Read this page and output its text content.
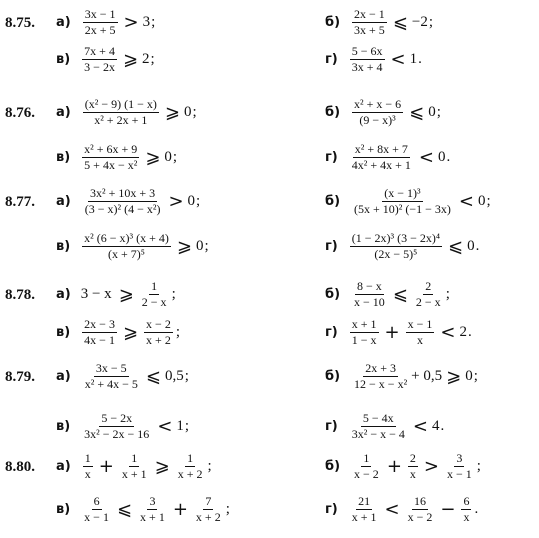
8.75. $а) \frac{3x - 1}{2x + 5} > 3$ ;	$б) \frac{2x - 1}{3x + 5}$ ⩽ −2 ;
$в) \frac{7x + 4}{3 - 2x}$ ⩾ 2 ;	$г) \frac{5 - 6x}{3x + 4} < 1$ .
8.76. $а) \frac{\text{(x² − 9) (1 − x)}}{\text{x² + 2x + 1}}$ ⩾ 0 ;	$б) \frac{\text{x² + x − 6}}{\text{(9 − x)³}}$ ⩽ 0 ;
$в) \frac{\text{x² + 6x + 9}}{\text{5 + 4x − x²}}$ ⩾ 0 ;	$г) \frac{\text{x² + 8x + 7}}{\text{4x² + 4x + 1}} < 0$ .
8.77. $а) \frac{\text{3x² + 10x + 3}}{\text{(3 − x)² (4 − x²)}} > 0$ ;	$б) \frac{\text{(x − 1)³}}{\text{(5x + 10)² (−1 − 3x)}} < 0$ ;
$в) \frac{\text{x² (6 − x)³ (x + 4)}}{\text{(x + 7)⁵}}$ ⩾ 0 ;	$г) \frac{\text{(1 − 2x)³ (3 − 2x)⁴}}{\text{(2x − 5)⁵}}$ ⩽ 0 .
8.78. а) 3 − x ⩾ $\frac{1}{2 - x}$ ;	$б) \frac{8 - x}{x - 10}$ ⩽ $\frac{2}{2 - x}$ ;
$в) \frac{2x - 3}{4x - 1}$ ⩾ $\frac{x - 2}{x + 2}$ ;	$г) \frac{x + 1}{1 - x} + \frac{x - 1}{x} < 2$ .
8.79. $а) \frac{3x - 5}{\text{x² + 4x − 5}}$ ⩽ 0,5 ;	$б) \frac{2x + 3}{\text{12 − x − x²}} + 0,5$ ⩾ 0 ;
$в) \frac{5 - 2x}{\text{3x² − 2x − 16}} < 1$ ;	$г) \frac{5 - 4x}{\text{3x² − x − 4}} < 4$ .
8.80. $а) \frac{1}{x} + \frac{1}{x + 1}$ ⩾ $\frac{1}{x + 2}$ ;	$б) \frac{1}{x - 2} + \frac{2}{x} > \frac{3}{x - 1}$ ;
$в) \frac{6}{x - 1}$ ⩽ $\frac{3}{x + 1} + \frac{7}{x + 2}$ ;	$г) \frac{21}{x + 1} < \frac{16}{x - 2} - \frac{6}{x}$ .
